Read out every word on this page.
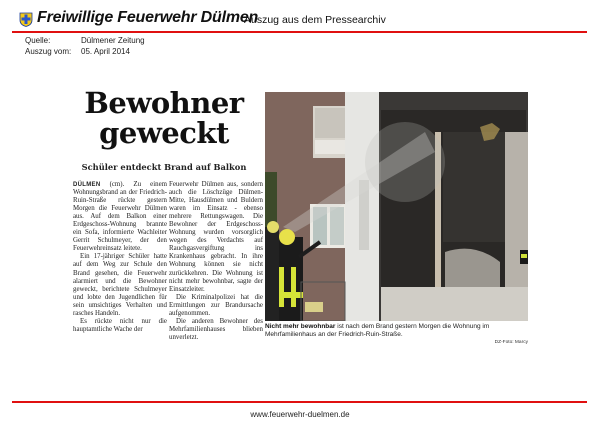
Freiwillige Feuerwehr Dülmen
Auszug aus dem Pressearchiv
Quelle:	Dülmener Zeitung
Auszug vom: 05. April 2014
Bewohner
geweckt
Schüler entdeckt Brand auf Balkon

DÜLMEN (cm). Zu einem Wohnungsbrand an der Friedrich-Ruin-Straße rückte gestern Morgen die Feuerwehr Dülmen aus. Auf dem Balkon einer Erdgeschoss-Wohnung brannte ein Sofa, informierte Wachleiter Gerrit Schulmeyer, der den Feuerwehreinsatz leitete.

Ein 17-jähriger Schüler hatte auf dem Weg zur Schule den Brand gesehen, die Feuerwehr alarmiert und die Bewohner geweckt, berichtete Schulmeyer und lobte den Jugendlichen für sein umsichtiges Verhalten und rasches Handeln.

Es rückte nicht nur die hauptamtliche Wache der

Feuerwehr Dülmen aus, sondern auch die Löschzüge Dülmen-Mitte, Hausdülmen und Buldern waren im Einsatz - ebenso mehrere Rettungswagen. Die Bewohner der Erdgeschoss-Wohnung wurden vorsorglich wegen des Verdachts auf Rauchgasvergiftung ins Krankenhaus gebracht. In ihre Wohnung können sie nicht zurückkehren. Die Wohnung ist nicht mehr bewohnbar, sagte der Einsatzleiter.

Die Kriminalpolizei hat die Ermittlungen zur Brandursache aufgenommen.

Die anderen Bewohner des Mehrfamilienhauses blieben unverletzt.

Nicht mehr bewohnbar ist nach dem Brand gestern Morgen die Wohnung im Mehrfamilienhaus an der Friedrich-Ruin-Straße.
DZ-Foto: Marcy
www.feuerwehr-duelmen.de
